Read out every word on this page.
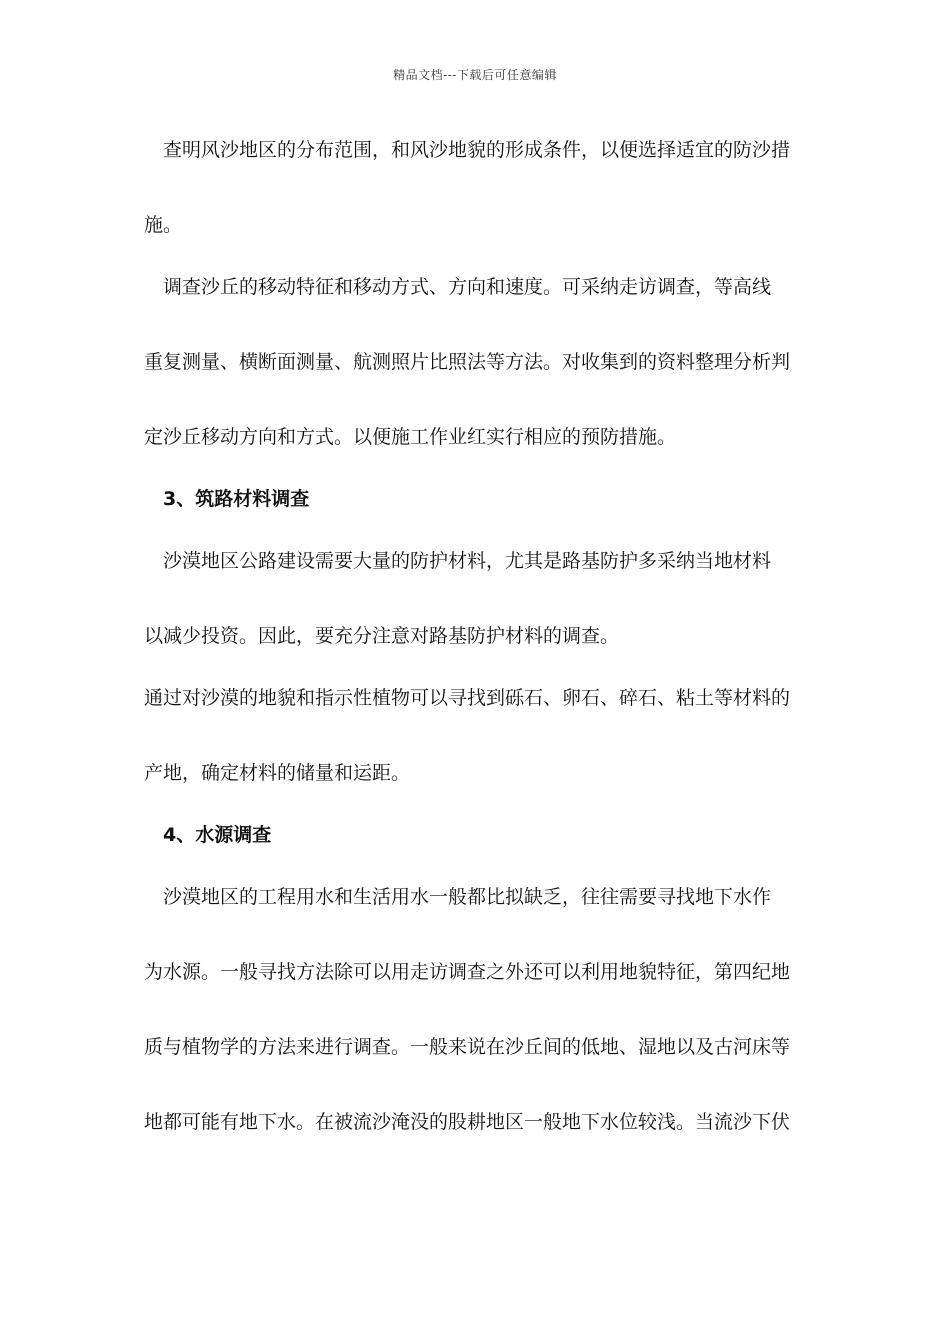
精品文档---下载后可任意编辑
　查明风沙地区的分布范围，和风沙地貌的形成条件，以便选择适宜的防沙措
施。
　调查沙丘的移动特征和移动方式、方向和速度。可采纳走访调查，等高线
重复测量、横断面测量、航测照片比照法等方法。对收集到的资料整理分析判
定沙丘移动方向和方式。以便施工作业红实行相应的预防措施。
　3、筑路材料调查
　沙漠地区公路建设需要大量的防护材料，尤其是路基防护多采纳当地材料
以减少投资。因此，要充分注意对路基防护材料的调查。
通过对沙漠的地貌和指示性植物可以寻找到砾石、卵石、碎石、粘土等材料的
产地，确定材料的储量和运距。
　4、水源调查
　沙漠地区的工程用水和生活用水一般都比拟缺乏，往往需要寻找地下水作
为水源。一般寻找方法除可以用走访调查之外还可以利用地貌特征，第四纪地
质与植物学的方法来进行调查。一般来说在沙丘间的低地、湿地以及古河床等
地都可能有地下水。在被流沙淹没的股耕地区一般地下水位较浅。当流沙下伏
